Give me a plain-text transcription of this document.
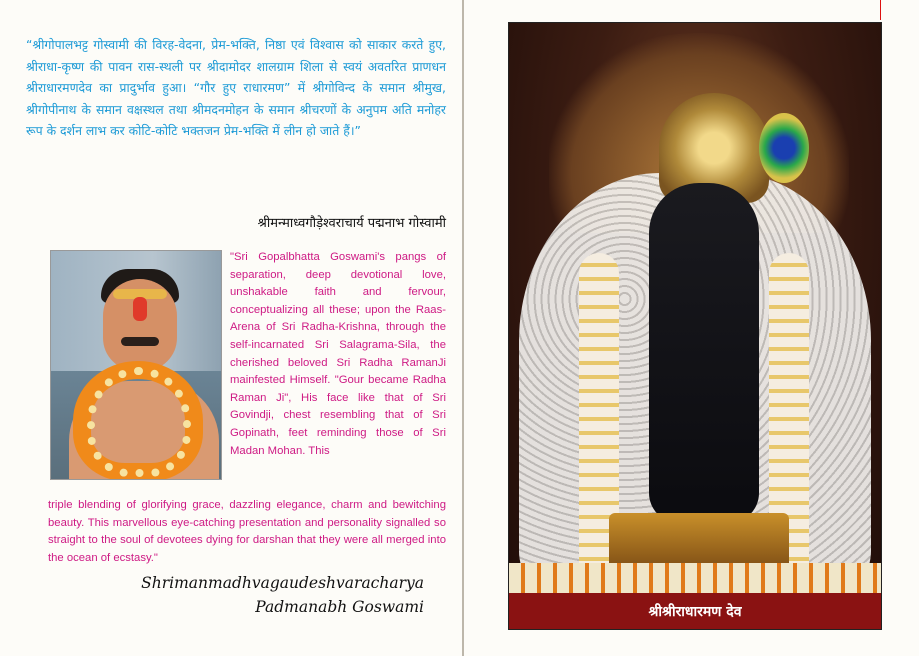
“श्रीगोपालभट्ट गोस्वामी की विरह-वेदना, प्रेम-भक्ति, निष्ठा एवं विश्वास को साकार करते हुए, श्रीराधा-कृष्ण की पावन रास-स्थली पर श्रीदामोदर शालग्राम शिला से स्वयं अवतरित प्राणधन श्रीराधारमणदेव का प्रादुर्भाव हुआ। “गौर हुए राधारमण” में श्रीगोविन्द के समान श्रीमुख, श्रीगोपीनाथ के समान वक्षस्थल तथा श्रीमदनमोहन के समान श्रीचरणों के अनुपम अति मनोहर रूप के दर्शन लाभ कर कोटि-कोटि भक्तजन प्रेम-भक्ति में लीन हो जाते हैं।”

श्रीमन्माध्वगौड़ेश्वराचार्य पद्मनाभ गोस्वामी

"Sri Gopalbhatta Goswami's pangs of separation, deep devotional love, unshakable faith and fervour, conceptualizing all these; upon the Raas-Arena of Sri Radha-Krishna, through the self-incarnated Sri Salagrama-Sila, the cherished beloved Sri Radha RamanJi mainfested Himself. "Gour became Radha Raman Ji", His face like that of Sri Govindji, chest resembling that of Sri Gopinath, feet reminding those of Sri Madan Mohan. This

triple blending of glorifying grace, dazzling elegance, charm and bewitching beauty. This marvellous eye-catching presentation and personality signalled so straight to the soul of devotees dying for darshan that they were all merged into the ocean of ecstasy."

Shrimanmadhvagaudeshvaracharya

Padmanabh Goswami	श्रीश्रीराधारमण देव
